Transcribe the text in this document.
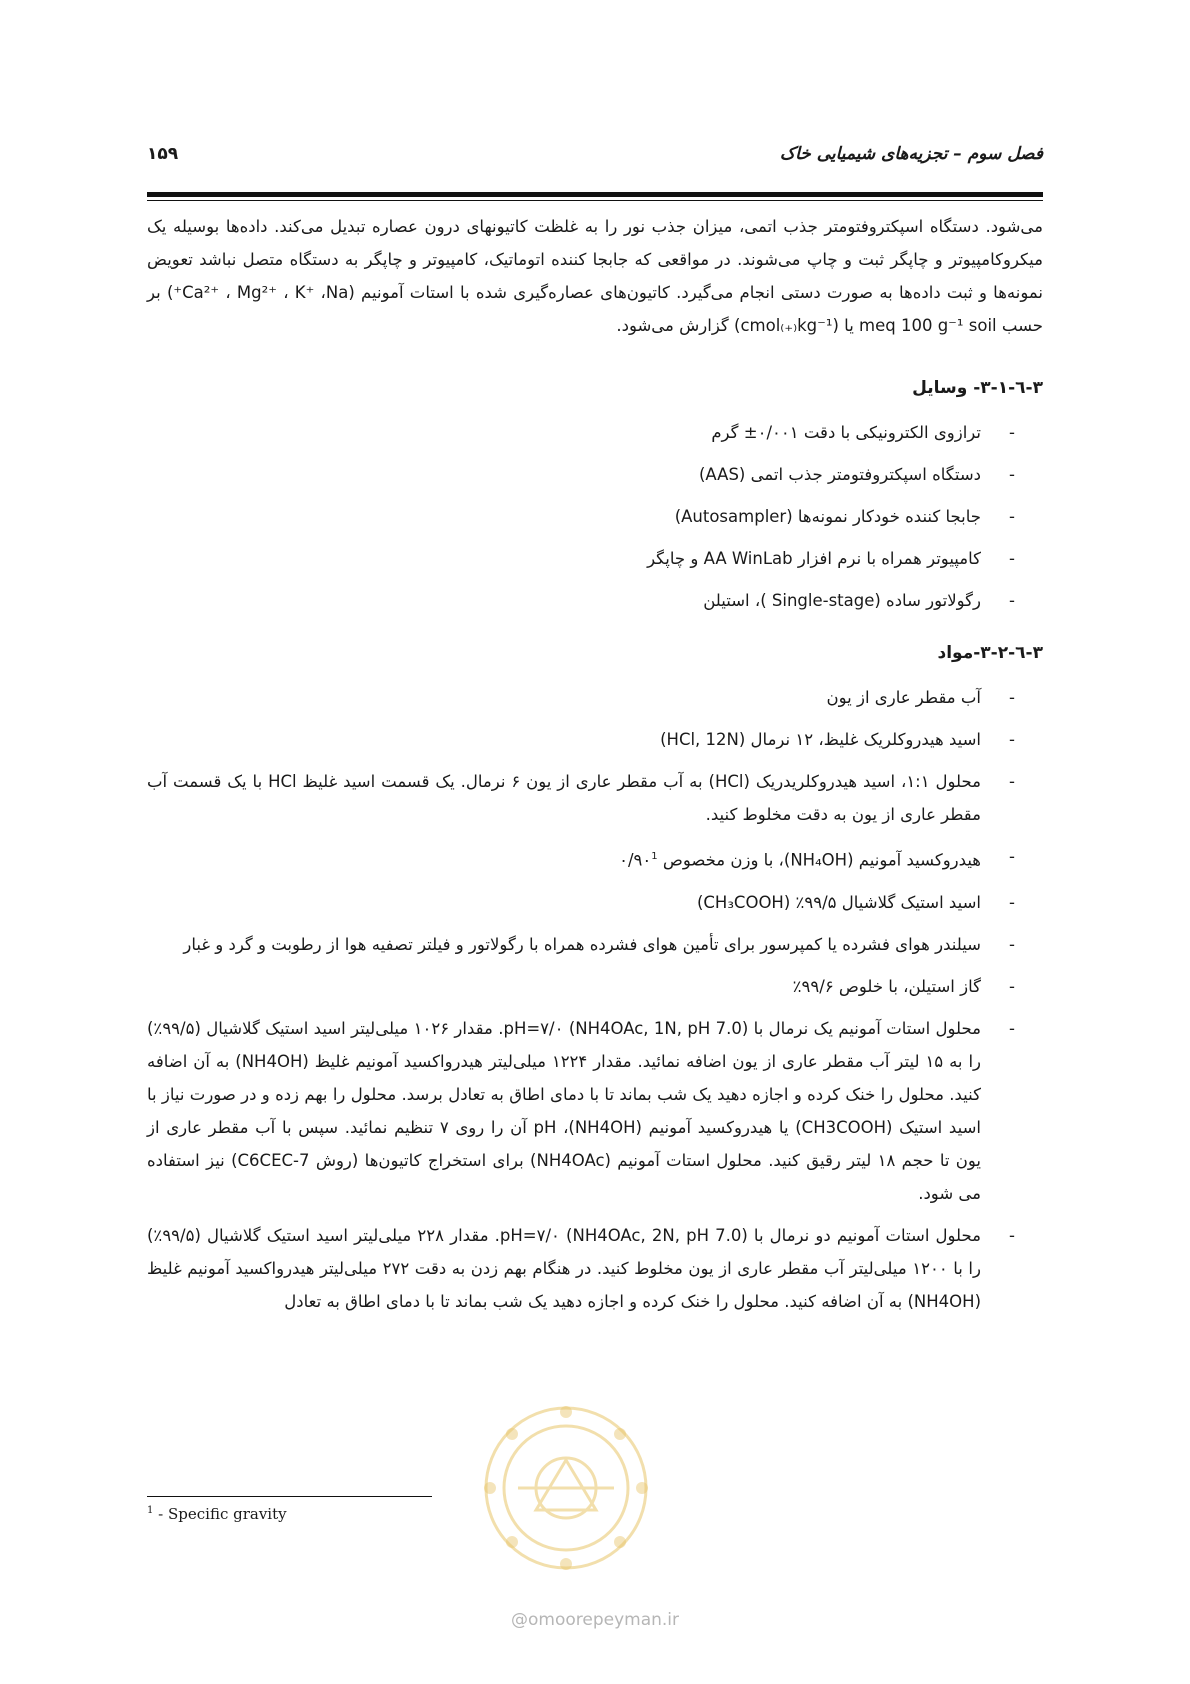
۱۵۹	فصل سوم – تجزیه‌های شیمیایی خاک

می‌شود. دستگاه اسپکتروفتومتر جذب اتمی، میزان جذب نور را به غلظت کاتیونهای درون عصاره تبدیل می‌کند. داده‌ها بوسیله یک میکروکامپیوتر و چاپگر ثبت و چاپ می‌شوند. در مواقعی که جابجا کننده اتوماتیک، کامپیوتر و چاپگر به دستگاه متصل نباشد تعویض نمونه‌ها و ثبت داده‌ها به صورت دستی انجام می‌گیرد. کاتیون‌های عصاره‌گیری شده با استات آمونیم (Ca²⁺ ، Mg²⁺ ، K⁺ ،Na⁺) بر حسب meq 100 g⁻¹ soil یا (cmol₍₊₎kg⁻¹) گزارش می‌شود.

۳-٦-۳-۱- وسایل
- ترازوی الکترونیکی با دقت ۰/۰۰۱± گرم
- دستگاه اسپکتروفتومتر جذب اتمی (AAS)
- جابجا کننده خودکار نمونه‌ها (Autosampler)
- کامپیوتر همراه با نرم افزار AA WinLab و چاپگر
- رگولاتور ساده (Single-stage )، استیلن
۳-٦-۳-۲-مواد
- آب مقطر عاری از یون
- اسید هیدروکلریک غلیظ، ۱۲ نرمال (HCl, 12N)
- محلول ۱:۱، اسید هیدروکلریدریک (HCl) به آب مقطر عاری از یون ۶ نرمال. یک قسمت اسید غلیظ HCl با یک قسمت آب مقطر عاری از یون به دقت مخلوط کنید.
- هیدروکسید آمونیم (NH₄OH)، با وزن مخصوص $۰/۹۰^1$
- اسید استیک گلاشیال ۹۹/۵٪ (CH₃COOH)
- سیلندر هوای فشرده یا کمپرسور برای تأمین هوای فشرده همراه با رگولاتور و فیلتر تصفیه هوا از رطوبت و گرد و غبار
- گاز استیلن، با خلوص ۹۹/۶٪
- محلول استات آمونیم یک نرمال با pH=۷/۰ (NH4OAc, 1N, pH 7.0). مقدار ۱۰۲۶ میلی‌لیتر اسید استیک گلاشیال (۹۹/۵٪) را به ۱۵ لیتر آب مقطر عاری از یون اضافه نمائید. مقدار ۱۲۲۴ میلی‌لیتر هیدرواکسید آمونیم غلیظ (NH4OH) به آن اضافه کنید. محلول را خنک کرده و اجازه دهید یک شب بماند تا با دمای اطاق به تعادل برسد. محلول را بهم زده و در صورت نیاز با اسید استیک (CH3COOH) یا هیدروکسید آمونیم (NH4OH)، pH آن را روی ۷ تنظیم نمائید. سپس با آب مقطر عاری از یون تا حجم ۱۸ لیتر رقیق کنید. محلول استات آمونیم (NH4OAc) برای استخراج کاتیون‌ها (روش C6CEC-7) نیز استفاده می شود.
- محلول استات آمونیم دو نرمال با pH=۷/۰ (NH4OAc, 2N, pH 7.0). مقدار ۲۲۸ میلی‌لیتر اسید استیک گلاشیال (۹۹/۵٪) را با ۱۲۰۰ میلی‌لیتر آب مقطر عاری از یون مخلوط کنید. در هنگام بهم زدن به دقت ۲۷۲ میلی‌لیتر هیدرواکسید آمونیم غلیظ (NH4OH) به آن اضافه کنید. محلول را خنک کرده و اجازه دهید یک شب بماند تا با دمای اطاق به تعادل
$^1$ - Specific gravity
@omoorepeyman.ir
